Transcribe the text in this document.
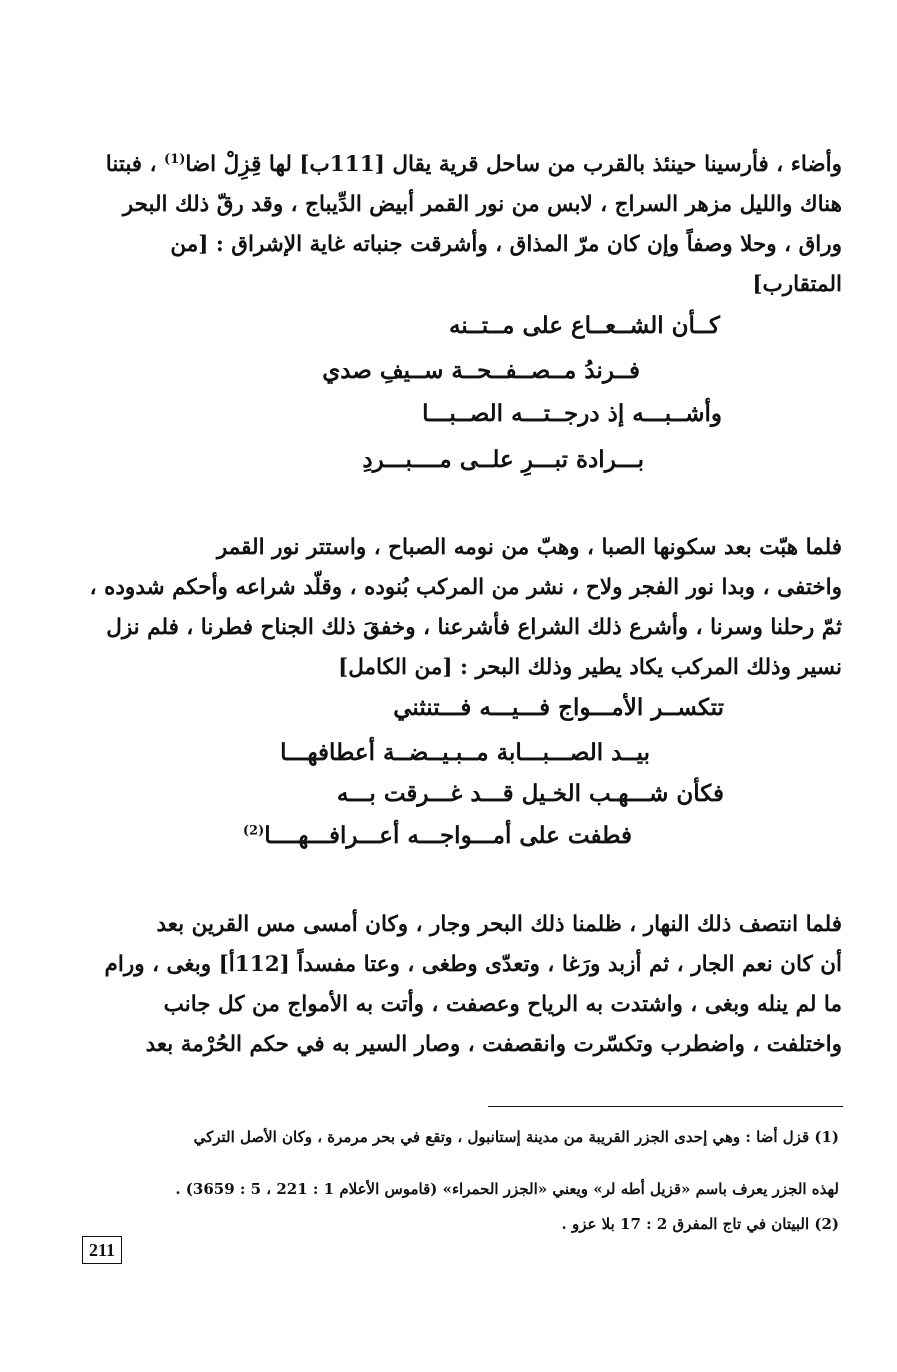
وأضاء ، فأرسينا حينئذ بالقرب من ساحل قرية يقال [111ب] لها قِزِلْ اضا$^{(1)}$ ، فبتنا
هناك والليل مزهر السراج ، لابس من نور القمر أبيض الدِّيباج ، وقد رقّ ذلك البحر
وراق ، وحلا وصفاً وإن كان مرّ المذاق ، وأشرقت جنباته غاية الإشراق : [من
المتقارب]
كــأن الشــعــاع على مــتــنه
فــرندُ مــصــفــحــة ســيفِ صدي
وأشــبـــه إذ درجــتـــه الصــبـــا
بـــرادة تبـــرِ علــى مــــبـــردِ
فلما هبّت بعد سكونها الصبا ، وهبّ من نومه الصباح ، واستتر نور القمر
واختفى ، وبدا نور الفجر ولاح ، نشر من المركب بُنوده ، وقلّد شراعه وأحكم شدوده ،
ثمّ رحلنا وسرنا ، وأشرع ذلك الشراع فأشرعنا ، وخفقَ ذلك الجناح فطرنا ، فلم نزل
نسير وذلك المركب يكاد يطير وذلك البحر : [من الكامل]
تتكســر الأمـــواج فـــيـــه فـــتنثني
بيــد الصـــبـــابة مــبـيــضــة أعطافهـــا
فكأن شـــهـب الخـيل قـــد غـــرقت بـــه
فطفت على أمـــواجـــه أعـــرافـــهــــا$^{(2)}$
فلما انتصف ذلك النهار ، ظلمنا ذلك البحر وجار ، وكان أمسى مس القرين بعد
أن كان نعم الجار ، ثم أزبد ورَغا ، وتعدّى وطغى ، وعتا مفسداً [112أ] وبغى ، ورام
ما لم ينله وبغى ، واشتدت به الرياح وعصفت ، وأتت به الأمواج من كل جانب
واختلفت ، واضطرب وتكسّرت وانقصفت ، وصار السير به في حكم الحُرْمة بعد
(1) قزل أضا : وهي إحدى الجزر القريبة من مدينة إستانبول ، وتقع في بحر مرمرة ، وكان الأصل التركي
لهذه الجزر يعرف باسم «قزيل أطه لر» ويعني «الجزر الحمراء» (قاموس الأعلام 1 : 221 ، 5 : 3659) .
(2) البيتان في تاج المفرق 2 : 17 بلا عزو .
211
